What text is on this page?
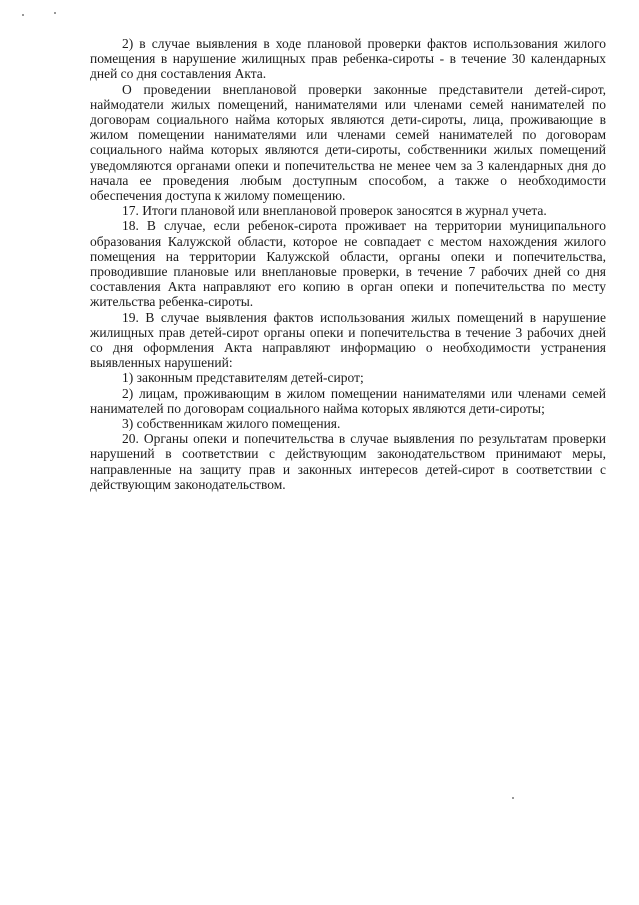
2) в случае выявления в ходе плановой проверки фактов использования жилого помещения в нарушение жилищных прав ребенка-сироты - в течение 30 календарных дней со дня составления Акта.

О проведении внеплановой проверки законные представители детей-сирот, наймодатели жилых помещений, нанимателями или членами семей нанимателей по договорам социального найма которых являются дети-сироты, лица, проживающие в жилом помещении нанимателями или членами семей нанимателей по договорам социального найма которых являются дети-сироты, собственники жилых помещений уведомляются органами опеки и попечительства не менее чем за 3 календарных дня до начала ее проведения любым доступным способом, а также о необходимости обеспечения доступа к жилому помещению.

17. Итоги плановой или внеплановой проверок заносятся в журнал учета.

18. В случае, если ребенок-сирота проживает на территории муниципального образования Калужской области, которое не совпадает с местом нахождения жилого помещения на территории Калужской области, органы опеки и попечительства, проводившие плановые или внеплановые проверки, в течение 7 рабочих дней со дня составления Акта направляют его копию в орган опеки и попечительства по месту жительства ребенка-сироты.

19. В случае выявления фактов использования жилых помещений в нарушение жилищных прав детей-сирот органы опеки и попечительства в течение 3 рабочих дней со дня оформления Акта направляют информацию о необходимости устранения выявленных нарушений:

1) законным представителям детей-сирот;

2) лицам, проживающим в жилом помещении нанимателями или членами семей нанимателей по договорам социального найма которых являются дети-сироты;

3) собственникам жилого помещения.

20. Органы опеки и попечительства в случае выявления по результатам проверки нарушений в соответствии с действующим законодательством принимают меры, направленные на защиту прав и законных интересов детей-сирот в соответствии с действующим законодательством.
